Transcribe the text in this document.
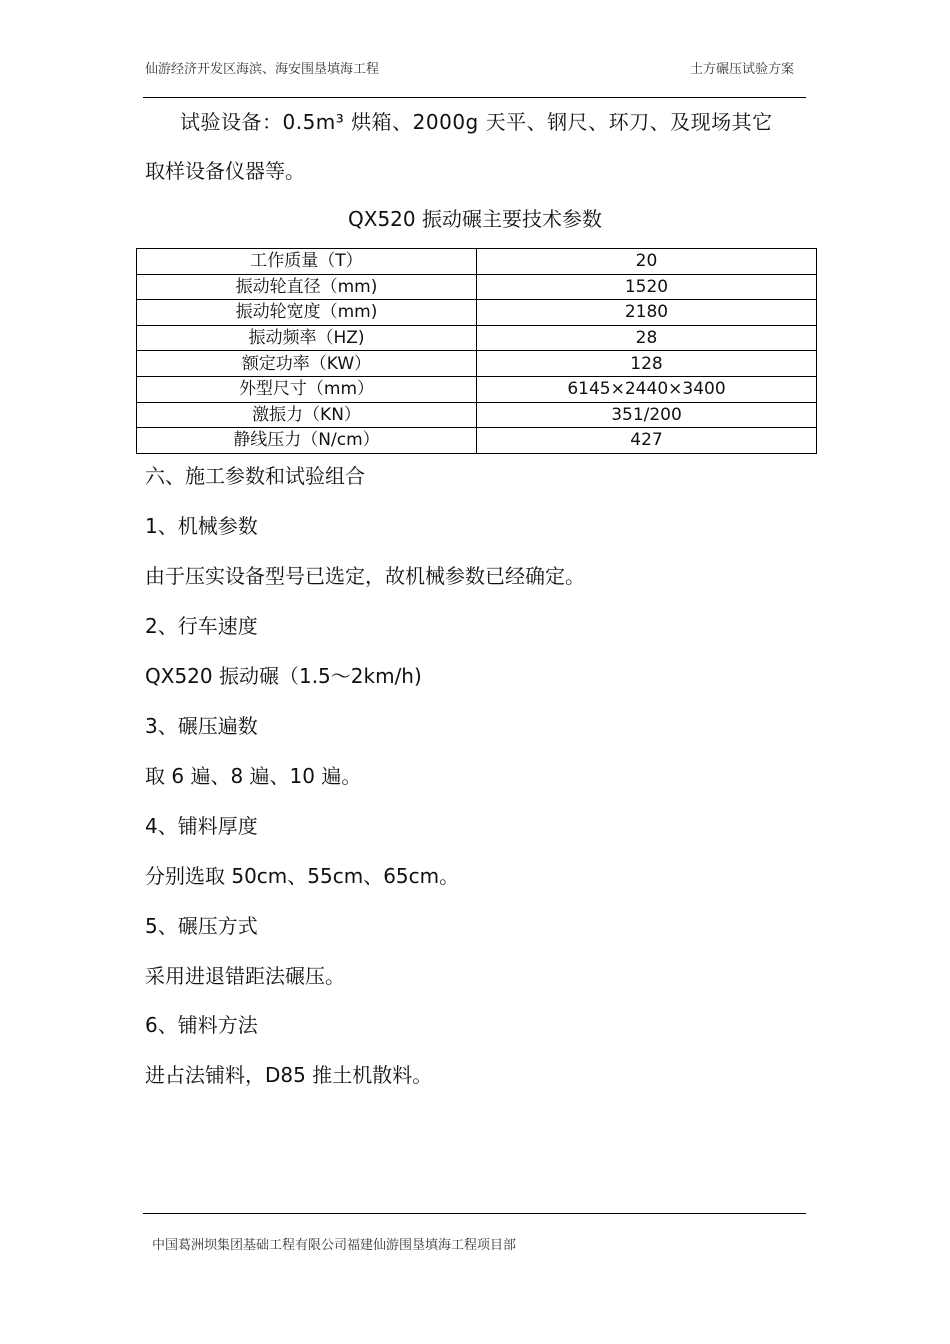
仙游经济开发区海滨、海安围垦填海工程	土方碾压试验方案
试验设备：0.5m³ 烘箱、2000g 天平、钢尺、环刀、及现场其它
取样设备仪器等。
QX520 振动碾主要技术参数
工作质量（T）	20
振动轮直径（mm)	1520
振动轮宽度（mm)	2180
振动频率（HZ)	28
额定功率（KW）	128
外型尺寸（mm）	6145×2440×3400
激振力（KN）	351/200
静线压力（N/cm）	427
六、施工参数和试验组合
1、机械参数
由于压实设备型号已选定，故机械参数已经确定。
2、行车速度
QX520 振动碾（1.5～2km/h)
3、碾压遍数
取 6 遍、8 遍、10 遍。
4、铺料厚度
分别选取 50cm、55cm、65cm。
5、碾压方式
采用进退错距法碾压。
6、铺料方法
进占法铺料，D85 推土机散料。
中国葛洲坝集团基础工程有限公司福建仙游围垦填海工程项目部
